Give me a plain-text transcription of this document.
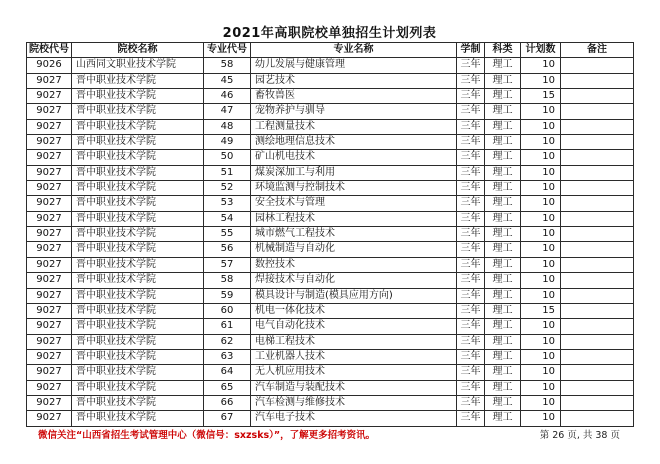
2021年高职院校单独招生计划列表
院校代号	院校名称	专业代号	专业名称	学制	科类	计划数	备注
9026	山西同文职业技术学院	58	幼儿发展与健康管理	三年	理工	10	
9027	晋中职业技术学院	45	园艺技术	三年	理工	10	
9027	晋中职业技术学院	46	畜牧兽医	三年	理工	15	
9027	晋中职业技术学院	47	宠物养护与驯导	三年	理工	10	
9027	晋中职业技术学院	48	工程测量技术	三年	理工	10	
9027	晋中职业技术学院	49	测绘地理信息技术	三年	理工	10	
9027	晋中职业技术学院	50	矿山机电技术	三年	理工	10	
9027	晋中职业技术学院	51	煤炭深加工与利用	三年	理工	10	
9027	晋中职业技术学院	52	环境监测与控制技术	三年	理工	10	
9027	晋中职业技术学院	53	安全技术与管理	三年	理工	10	
9027	晋中职业技术学院	54	园林工程技术	三年	理工	10	
9027	晋中职业技术学院	55	城市燃气工程技术	三年	理工	10	
9027	晋中职业技术学院	56	机械制造与自动化	三年	理工	10	
9027	晋中职业技术学院	57	数控技术	三年	理工	10	
9027	晋中职业技术学院	58	焊接技术与自动化	三年	理工	10	
9027	晋中职业技术学院	59	模具设计与制造(模具应用方向)	三年	理工	10	
9027	晋中职业技术学院	60	机电一体化技术	三年	理工	15	
9027	晋中职业技术学院	61	电气自动化技术	三年	理工	10	
9027	晋中职业技术学院	62	电梯工程技术	三年	理工	10	
9027	晋中职业技术学院	63	工业机器人技术	三年	理工	10	
9027	晋中职业技术学院	64	无人机应用技术	三年	理工	10	
9027	晋中职业技术学院	65	汽车制造与装配技术	三年	理工	10	
9027	晋中职业技术学院	66	汽车检测与维修技术	三年	理工	10	
9027	晋中职业技术学院	67	汽车电子技术	三年	理工	10	
微信关注“山西省招生考试管理中心（微信号：sxzsks）”，了解更多招考资讯。	第 26 页, 共 38 页
